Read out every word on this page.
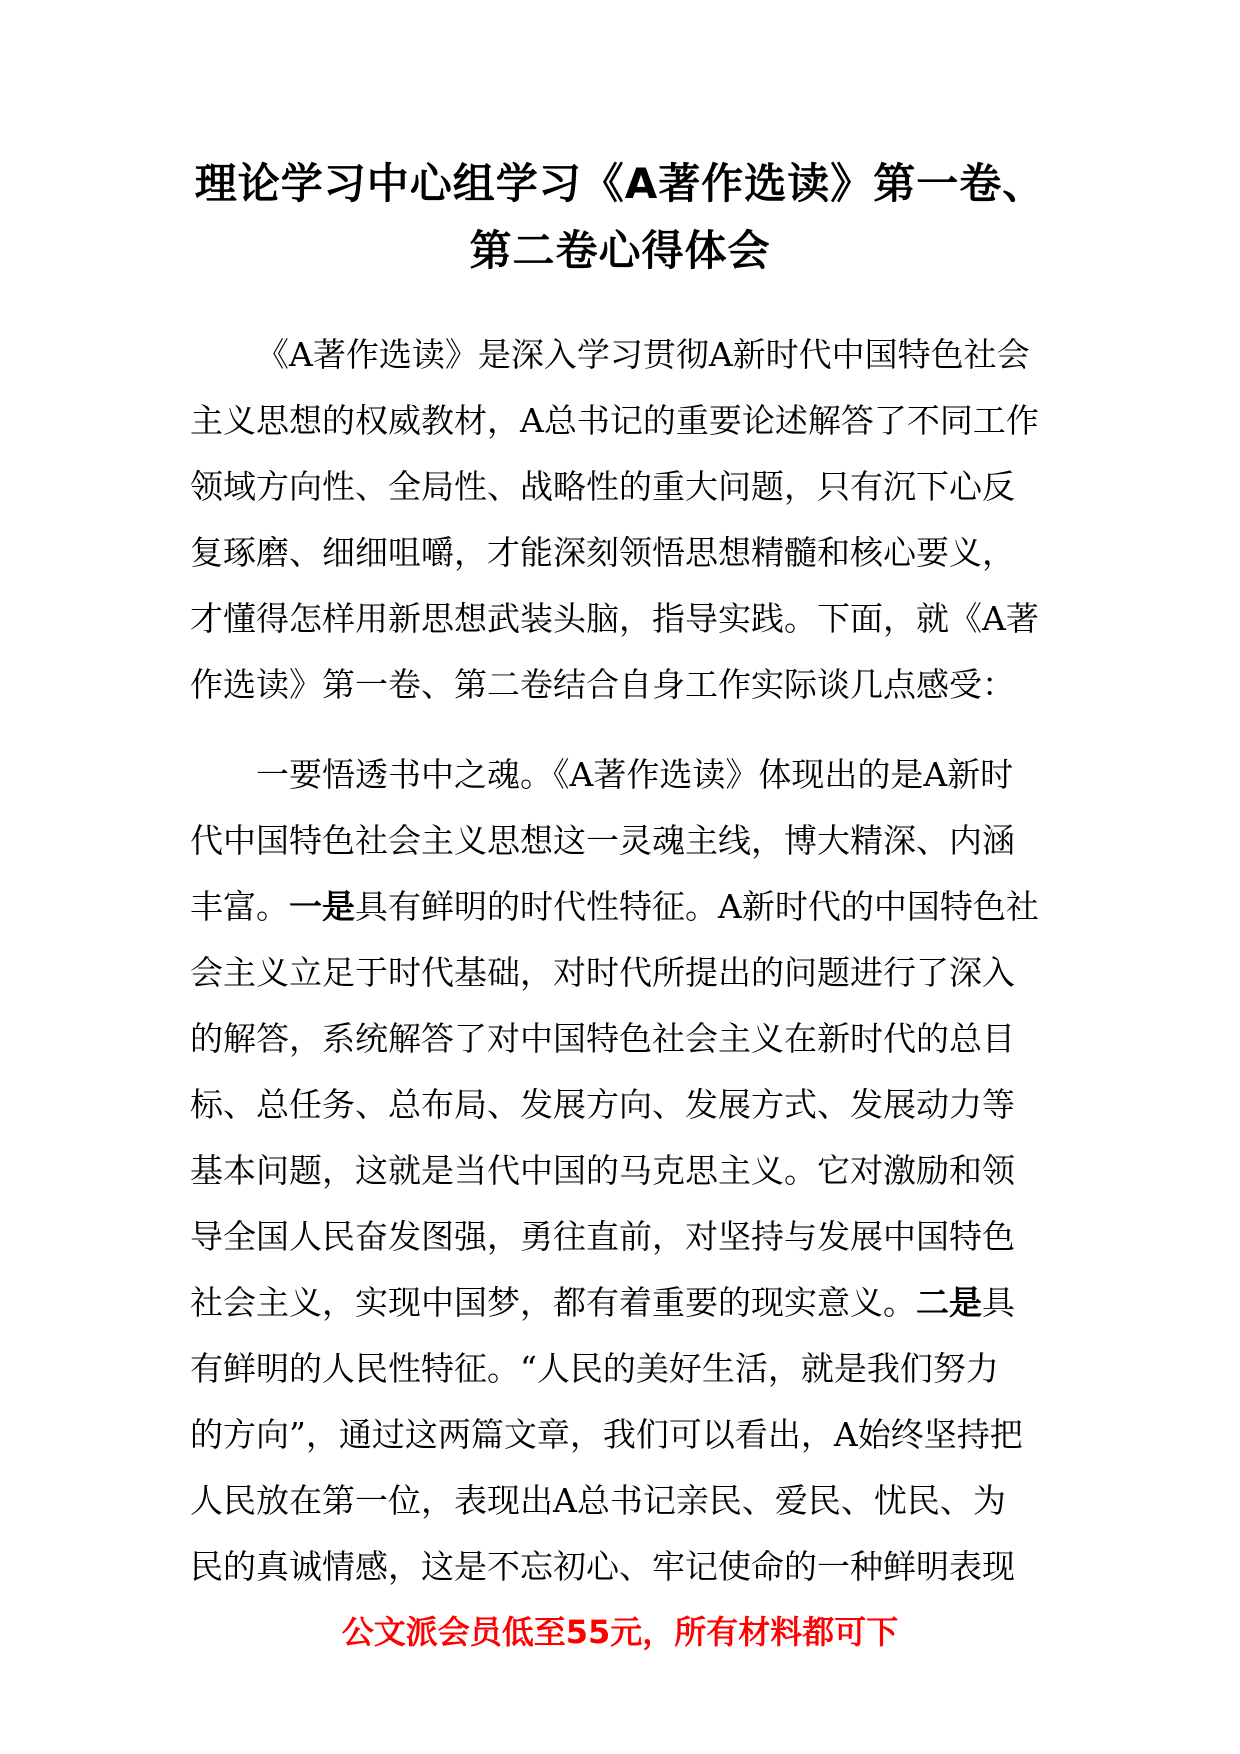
理论学习中心组学习《A著作选读》第一卷、
第二卷心得体会
《A著作选读》是深入学习贯彻A新时代中国特色社会
主义思想的权威教材，A总书记的重要论述解答了不同工作
领域方向性、全局性、战略性的重大问题，只有沉下心反
复琢磨、细细咀嚼，才能深刻领悟思想精髓和核心要义，
才懂得怎样用新思想武装头脑，指导实践。下面，就《A著
作选读》第一卷、第二卷结合自身工作实际谈几点感受：
一要悟透书中之魂。《A著作选读》体现出的是A新时
代中国特色社会主义思想这一灵魂主线，博大精深、内涵
丰富。一是具有鲜明的时代性特征。A新时代的中国特色社
会主义立足于时代基础，对时代所提出的问题进行了深入
的解答，系统解答了对中国特色社会主义在新时代的总目
标、总任务、总布局、发展方向、发展方式、发展动力等
基本问题，这就是当代中国的马克思主义。它对激励和领
导全国人民奋发图强，勇往直前，对坚持与发展中国特色
社会主义，实现中国梦，都有着重要的现实意义。二是具
有鲜明的人民性特征。“人民的美好生活，就是我们努力
的方向”，通过这两篇文章，我们可以看出，A始终坚持把
人民放在第一位，表现出A总书记亲民、爱民、忧民、为
民的真诚情感，这是不忘初心、牢记使命的一种鲜明表现
公文派会员低至55元，所有材料都可下
